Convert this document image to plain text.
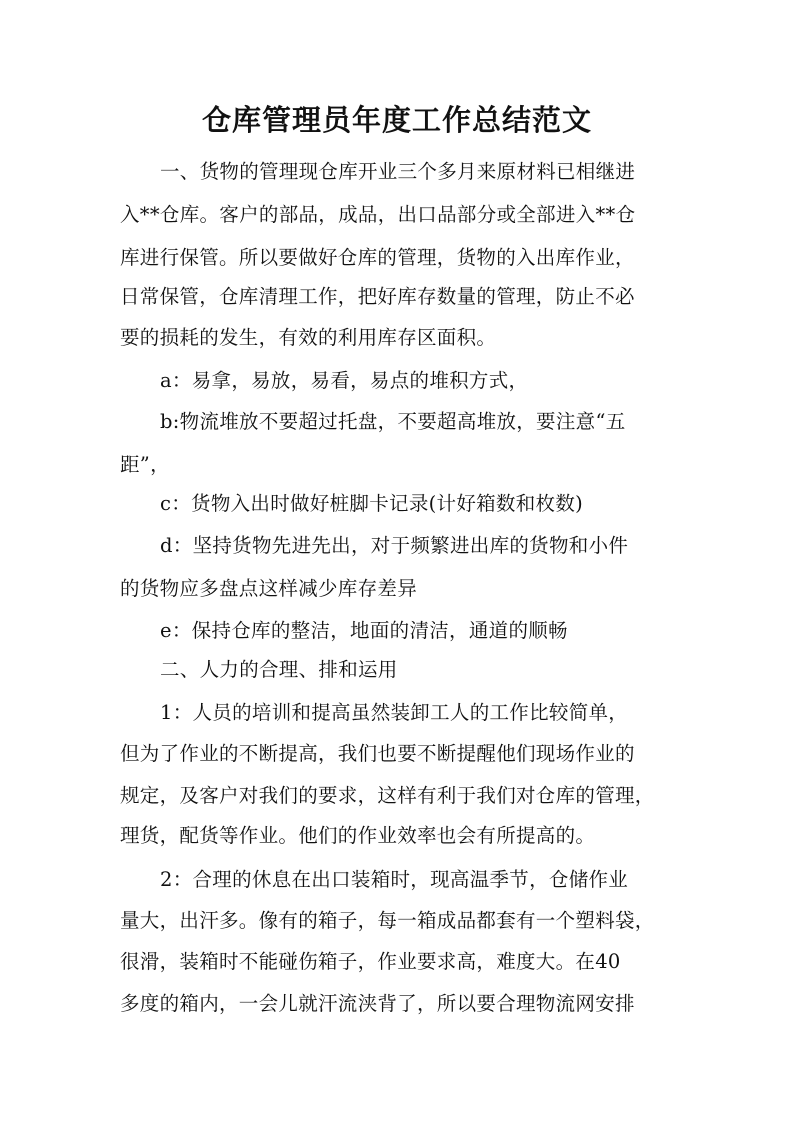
仓库管理员年度工作总结范文
一、货物的管理现仓库开业三个多月来原材料已相继进
入**仓库。客户的部品，成品，出口品部分或全部进入**仓
库进行保管。所以要做好仓库的管理，货物的入出库作业，
日常保管，仓库清理工作，把好库存数量的管理，防止不必
要的损耗的发生，有效的利用库存区面积。
a：易拿，易放，易看，易点的堆积方式，
b:物流堆放不要超过托盘，不要超高堆放，要注意“五
距”，
c：货物入出时做好桩脚卡记录(计好箱数和枚数)
d：坚持货物先进先出，对于频繁进出库的货物和小件
的货物应多盘点这样减少库存差异
e：保持仓库的整洁，地面的清洁，通道的顺畅
二、人力的合理、排和运用
1：人员的培训和提高虽然装卸工人的工作比较简单，
但为了作业的不断提高，我们也要不断提醒他们现场作业的
规定，及客户对我们的要求，这样有利于我们对仓库的管理，
理货，配货等作业。他们的作业效率也会有所提高的。
2：合理的休息在出口装箱时，现高温季节，仓储作业
量大，出汗多。像有的箱子，每一箱成品都套有一个塑料袋，
很滑，装箱时不能碰伤箱子，作业要求高，难度大。在40
多度的箱内，一会儿就汗流浃背了，所以要合理物流网安排
